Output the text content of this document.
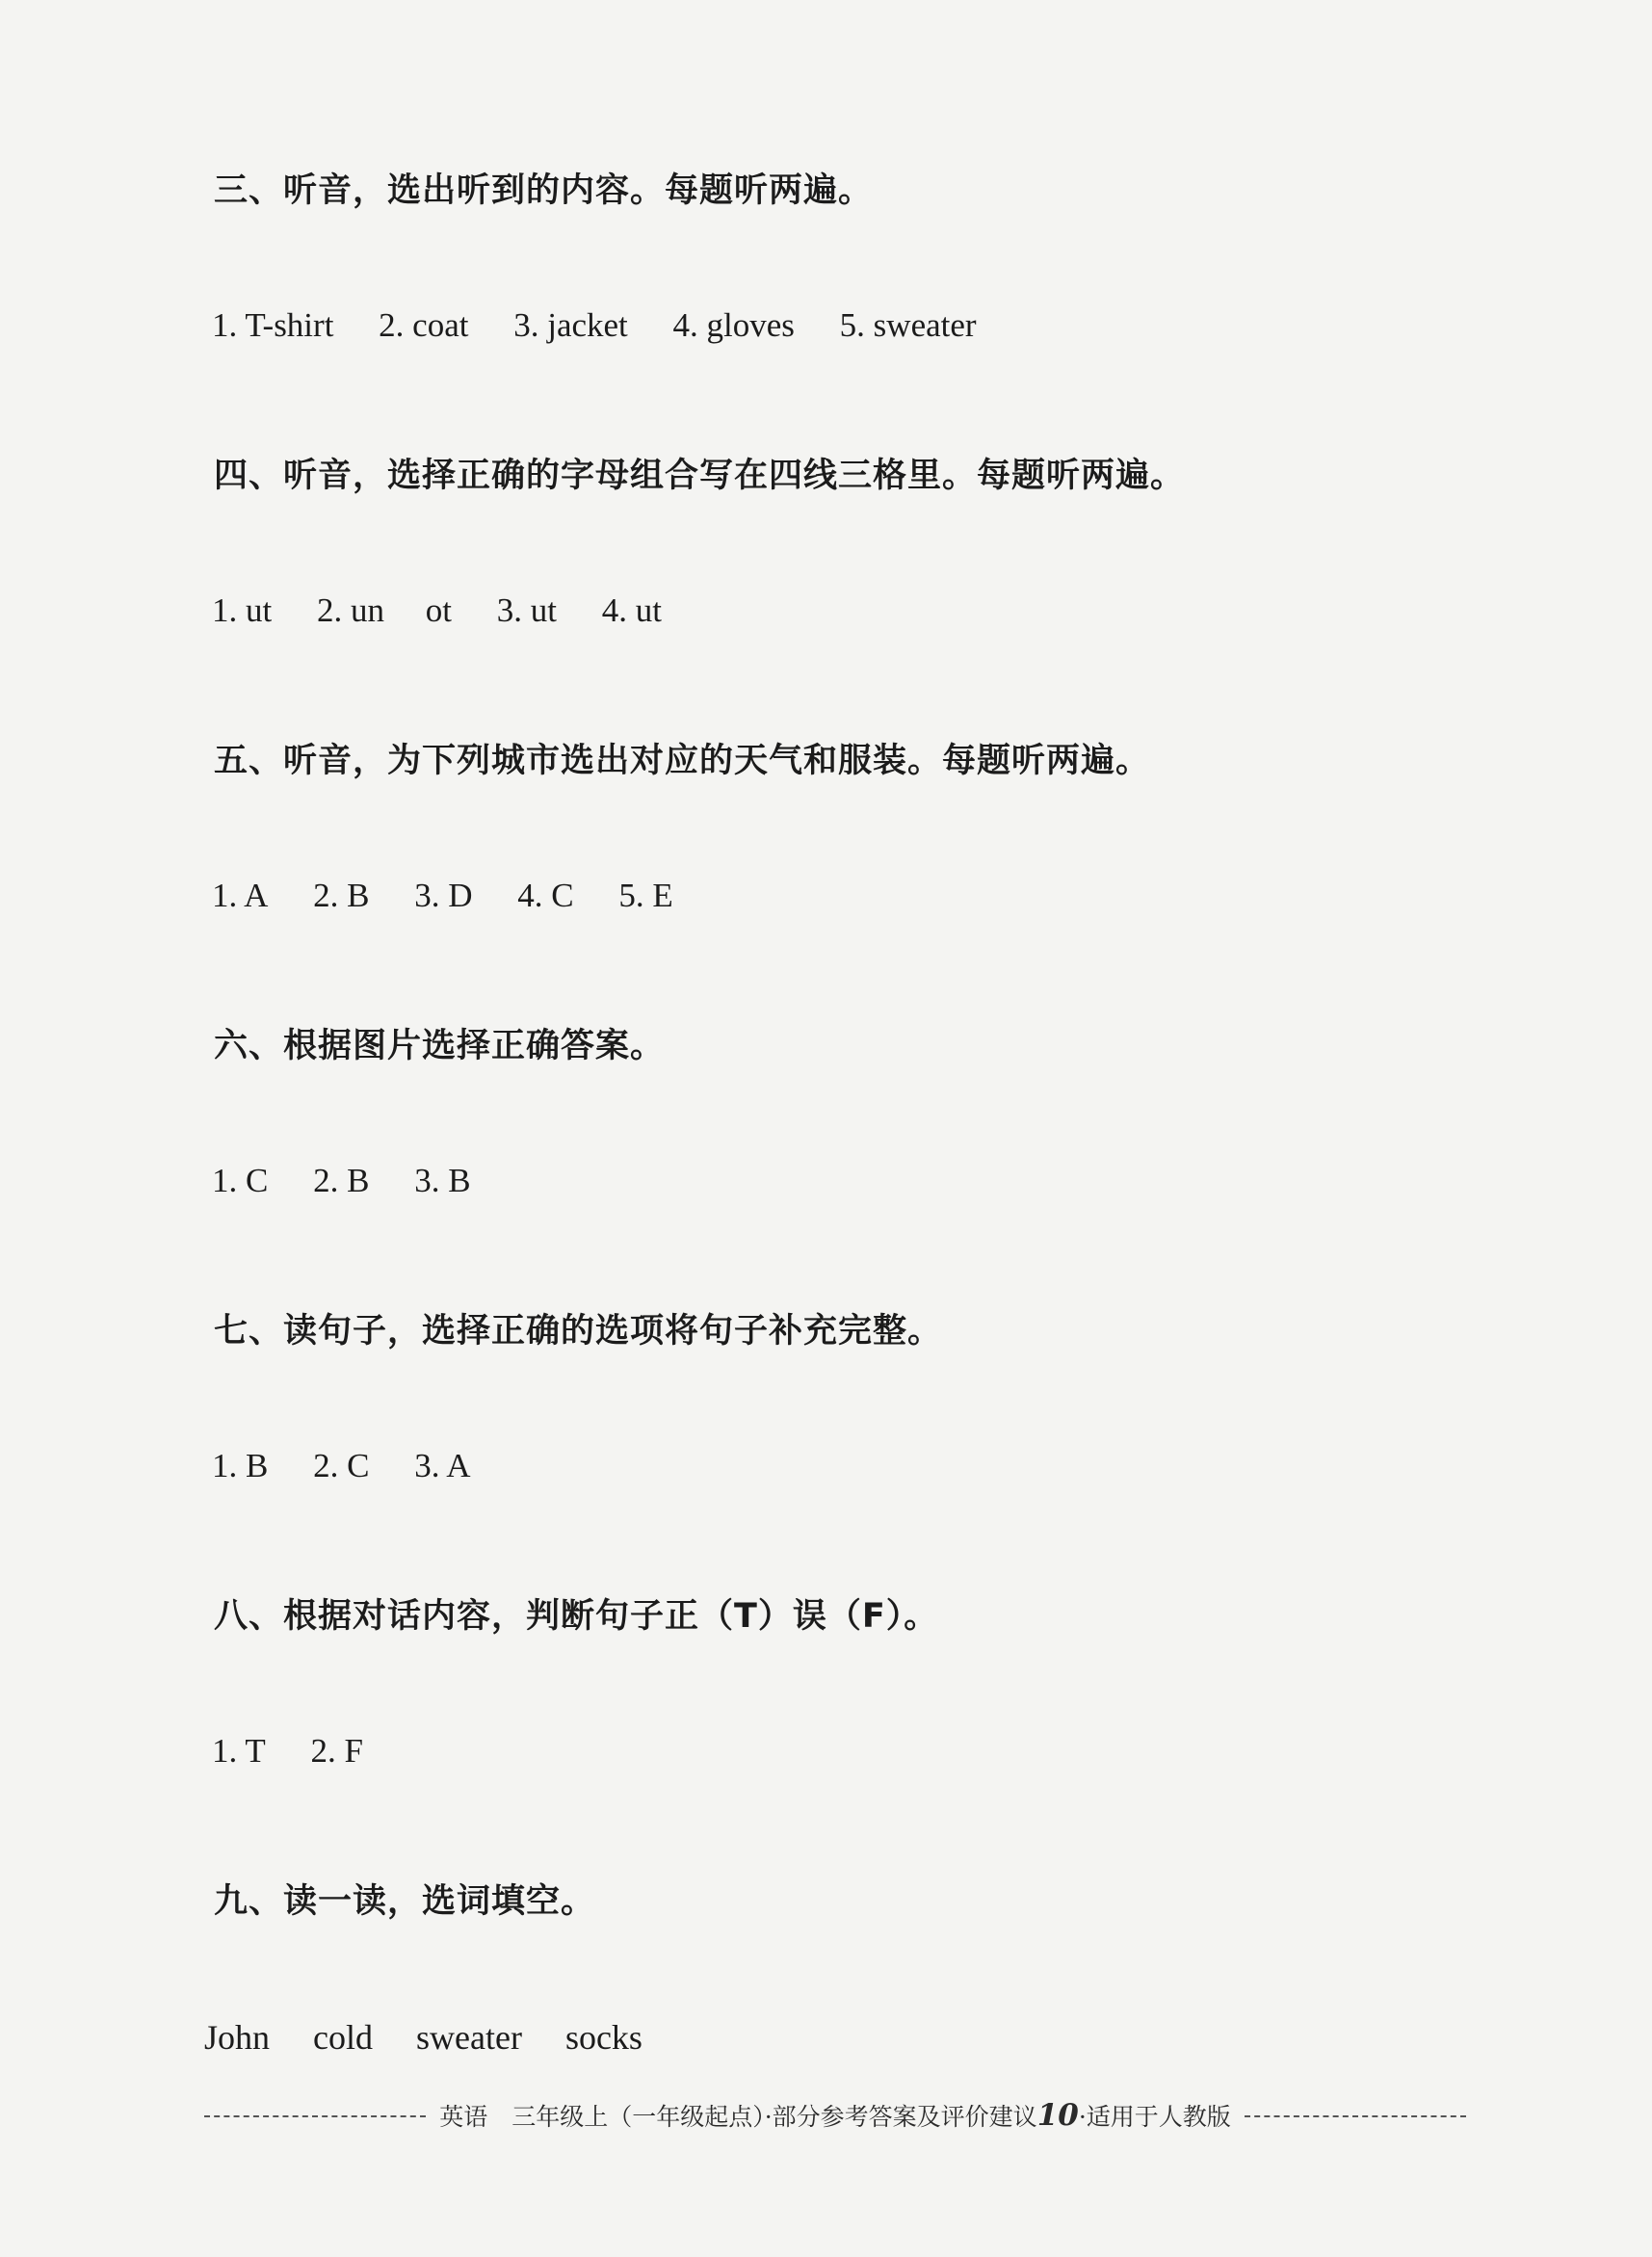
三、听音，选出听到的内容。每题听两遍。
1. T-shirt 2. coat 3. jacket 4. gloves 5. sweater
四、听音，选择正确的字母组合写在四线三格里。每题听两遍。
1. ut 2. un ot 3. ut 4. ut
五、听音，为下列城市选出对应的天气和服装。每题听两遍。
1. A 2. B 3. D 4. C 5. E
六、根据图片选择正确答案。
1. C 2. B 3. B
七、读句子，选择正确的选项将句子补充完整。
1. B 2. C 3. A
八、根据对话内容，判断句子正（T）误（F）。
1. T 2. F
九、读一读，选词填空。
John cold sweater socks
英语　三年级上（一年级起点）·部分参考答案及评价建议10·适用于人教版
